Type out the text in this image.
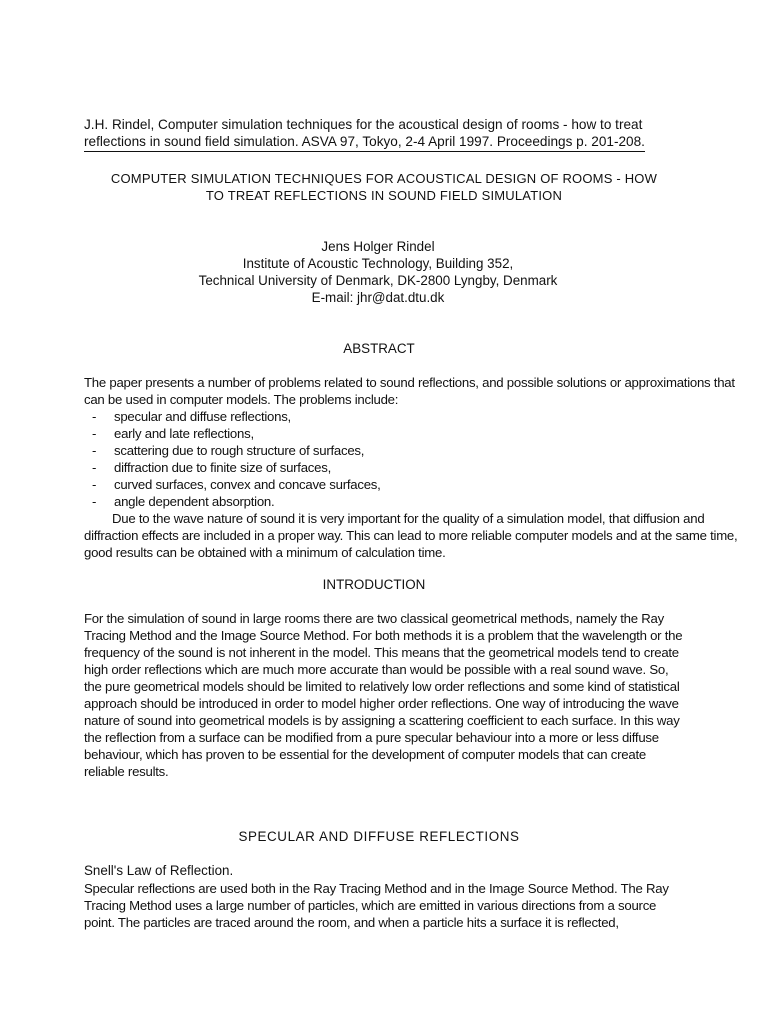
J.H. Rindel, Computer simulation techniques for the acoustical design of rooms - how to treat
reflections in sound field simulation. ASVA 97, Tokyo, 2-4 April 1997. Proceedings p. 201-208.
COMPUTER SIMULATION TECHNIQUES FOR ACOUSTICAL DESIGN OF ROOMS - HOW
TO TREAT REFLECTIONS IN SOUND FIELD SIMULATION
Jens Holger Rindel
Institute of Acoustic Technology, Building 352,
Technical University of Denmark, DK-2800 Lyngby, Denmark
E-mail: jhr@dat.dtu.dk
ABSTRACT

The paper presents a number of problems related to sound reflections, and possible solutions or approximations that can be used in computer models. The problems include:

- specular and diffuse reflections,
- early and late reflections,
- scattering due to rough structure of surfaces,
- diffraction due to finite size of surfaces,
- curved surfaces, convex and concave surfaces,
- angle dependent absorption.

Due to the wave nature of sound it is very important for the quality of a simulation model, that diffusion and diffraction effects are included in a proper way. This can lead to more reliable computer models and at the same time, good results can be obtained with a minimum of calculation time.

INTRODUCTION
For the simulation of sound in large rooms there are two classical geometrical methods, namely the Ray Tracing Method and the Image Source Method. For both methods it is a problem that the wavelength or the frequency of the sound is not inherent in the model. This means that the geometrical models tend to create high order reflections which are much more accurate than would be possible with a real sound wave. So, the pure geometrical models should be limited to relatively low order reflections and some kind of statistical approach should be introduced in order to model higher order reflections. One way of introducing the wave nature of sound into geometrical models is by assigning a scattering coefficient to each surface. In this way the reflection from a surface can be modified from a pure specular behaviour into a more or less diffuse behaviour, which has proven to be essential for the development of computer models that can create reliable results.
SPECULAR AND DIFFUSE REFLECTIONS
Snell's Law of Reflection.
Specular reflections are used both in the Ray Tracing Method and in the Image Source Method. The Ray Tracing Method uses a large number of particles, which are emitted in various directions from a source point. The particles are traced around the room, and when a particle hits a surface it is reflected,
